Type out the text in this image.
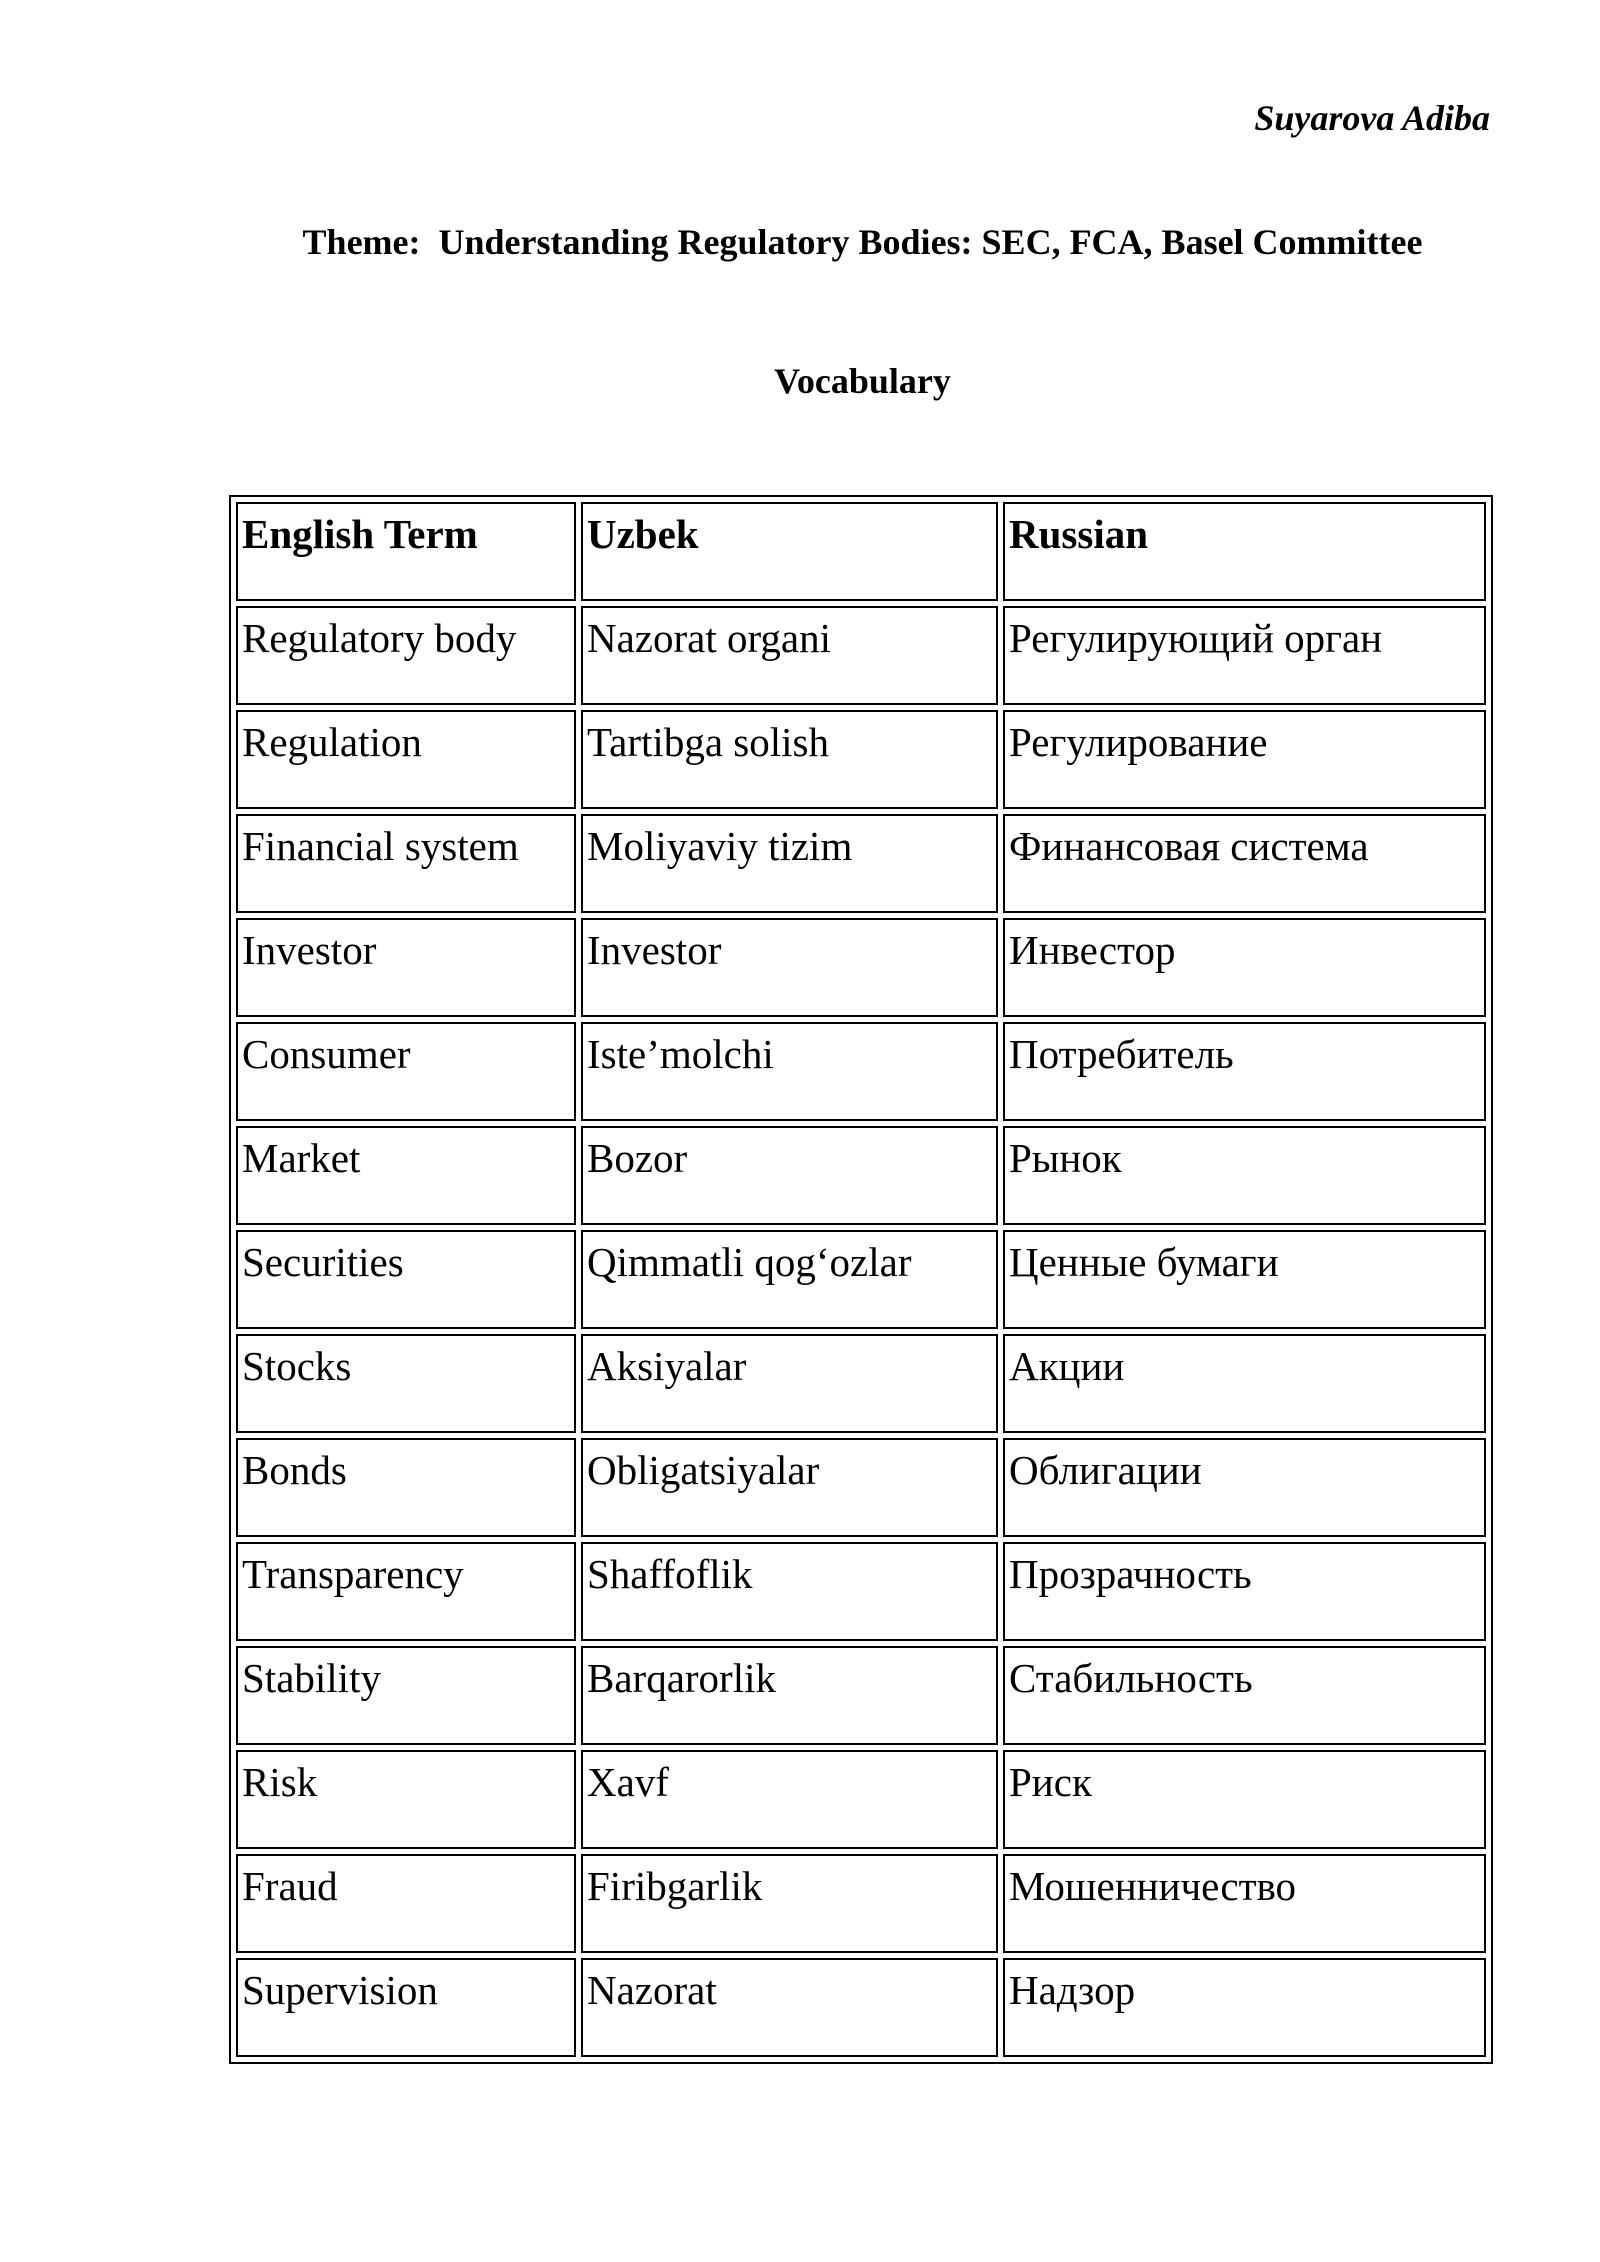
Suyarova Adiba
Theme:  Understanding Regulatory Bodies: SEC, FCA, Basel Committee
Vocabulary
English Term	Uzbek	Russian
Regulatory body	Nazorat organi	Регулирующий орган
Regulation	Tartibga solish	Регулирование
Financial system	Moliyaviy tizim	Финансовая система
Investor	Investor	Инвестор
Consumer	Iste’molchi	Потребитель
Market	Bozor	Рынок
Securities	Qimmatli qog‘ozlar	Ценные бумаги
Stocks	Aksiyalar	Акции
Bonds	Obligatsiyalar	Облигации
Transparency	Shaffoflik	Прозрачность
Stability	Barqarorlik	Стабильность
Risk	Xavf	Риск
Fraud	Firibgarlik	Мошенничество
Supervision	Nazorat	Надзор
